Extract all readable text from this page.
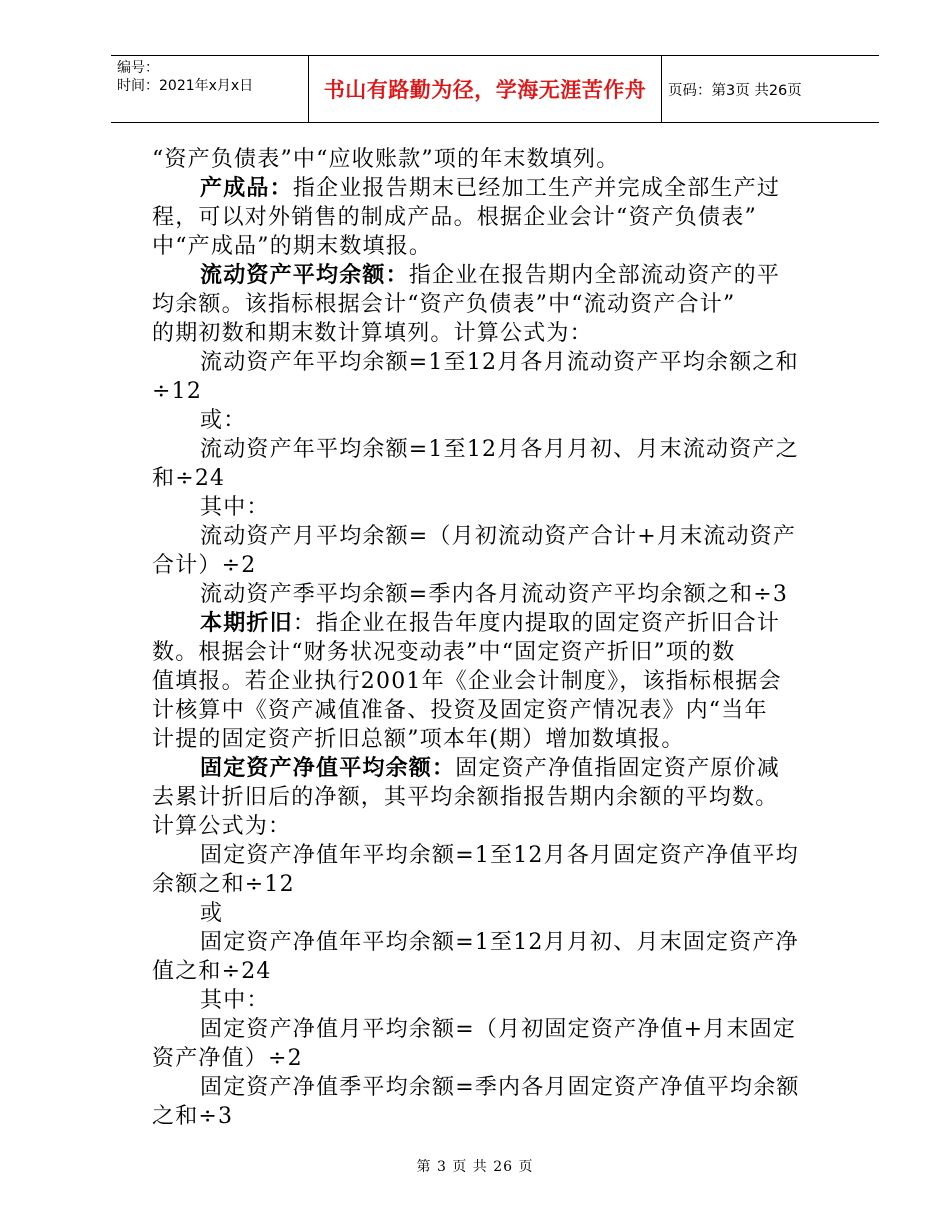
编号：
时间：2021年x月x日	书山有路勤为径，学海无涯苦作舟	页码：第3页 共26页

“资产负债表”中“应收账款”项的年末数填列。

产成品：指企业报告期末已经加工生产并完成全部生产过

程，可以对外销售的制成产品。根据企业会计“资产负债表”

中“产成品”的期末数填报。

流动资产平均余额：指企业在报告期内全部流动资产的平

均余额。该指标根据会计“资产负债表”中“流动资产合计”

的期初数和期末数计算填列。计算公式为：

流动资产年平均余额=1至12月各月流动资产平均余额之和

÷12

或：

流动资产年平均余额=1至12月各月月初、月末流动资产之

和÷24

其中：

流动资产月平均余额=（月初流动资产合计+月末流动资产

合计）÷2

流动资产季平均余额=季内各月流动资产平均余额之和÷3

本期折旧：指企业在报告年度内提取的固定资产折旧合计

数。根据会计“财务状况变动表”中“固定资产折旧”项的数

值填报。若企业执行2001年《企业会计制度》，该指标根据会

计核算中《资产减值准备、投资及固定资产情况表》内“当年

计提的固定资产折旧总额”项本年(期）增加数填报。

固定资产净值平均余额：固定资产净值指固定资产原价减

去累计折旧后的净额，其平均余额指报告期内余额的平均数。

计算公式为：

固定资产净值年平均余额=1至12月各月固定资产净值平均

余额之和÷12

或

固定资产净值年平均余额=1至12月月初、月末固定资产净

值之和÷24

其中：

固定资产净值月平均余额=（月初固定资产净值+月末固定

资产净值）÷2

固定资产净值季平均余额=季内各月固定资产净值平均余额

之和÷3

第 3 页 共 26 页
